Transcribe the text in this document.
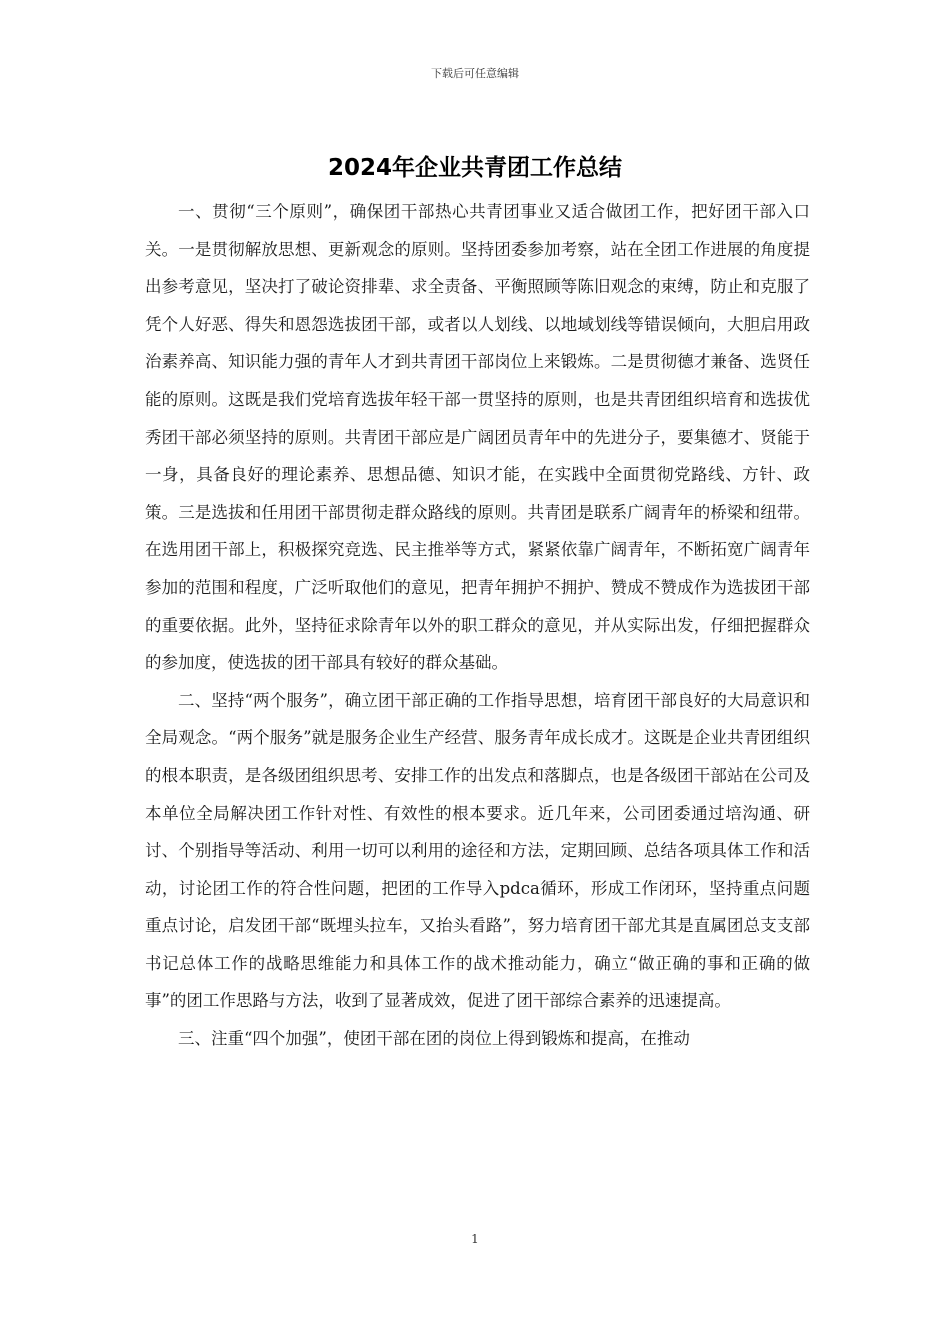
下载后可任意编辑
2024年企业共青团工作总结

一、贯彻“三个原则”，确保团干部热心共青团事业又适合做团工作，把好团干部入口关。一是贯彻解放思想、更新观念的原则。坚持团委参加考察，站在全团工作进展的角度提出参考意见，坚决打了破论资排辈、求全责备、平衡照顾等陈旧观念的束缚，防止和克服了凭个人好恶、得失和恩怨选拔团干部，或者以人划线、以地域划线等错误倾向，大胆启用政治素养高、知识能力强的青年人才到共青团干部岗位上来锻炼。二是贯彻德才兼备、选贤任能的原则。这既是我们党培育选拔年轻干部一贯坚持的原则，也是共青团组织培育和选拔优秀团干部必须坚持的原则。共青团干部应是广阔团员青年中的先进分子，要集德才、贤能于一身，具备良好的理论素养、思想品德、知识才能，在实践中全面贯彻党路线、方针、政策。三是选拔和任用团干部贯彻走群众路线的原则。共青团是联系广阔青年的桥梁和纽带。在选用团干部上，积极探究竞选、民主推举等方式，紧紧依靠广阔青年，不断拓宽广阔青年参加的范围和程度，广泛听取他们的意见，把青年拥护不拥护、赞成不赞成作为选拔团干部的重要依据。此外，坚持征求除青年以外的职工群众的意见，并从实际出发，仔细把握群众的参加度，使选拔的团干部具有较好的群众基础。

二、坚持“两个服务”，确立团干部正确的工作指导思想，培育团干部良好的大局意识和全局观念。“两个服务”就是服务企业生产经营、服务青年成长成才。这既是企业共青团组织的根本职责，是各级团组织思考、安排工作的出发点和落脚点，也是各级团干部站在公司及本单位全局解决团工作针对性、有效性的根本要求。近几年来，公司团委通过培沟通、研讨、个别指导等活动、利用一切可以利用的途径和方法，定期回顾、总结各项具体工作和活动，讨论团工作的符合性问题，把团的工作导入pdca循环，形成工作闭环，坚持重点问题重点讨论，启发团干部“既埋头拉车，又抬头看路”，努力培育团干部尤其是直属团总支支部书记总体工作的战略思维能力和具体工作的战术推动能力，确立“做正确的事和正确的做事”的团工作思路与方法，收到了显著成效，促进了团干部综合素养的迅速提高。

三、注重“四个加强”，使团干部在团的岗位上得到锻炼和提高，在推动

1
